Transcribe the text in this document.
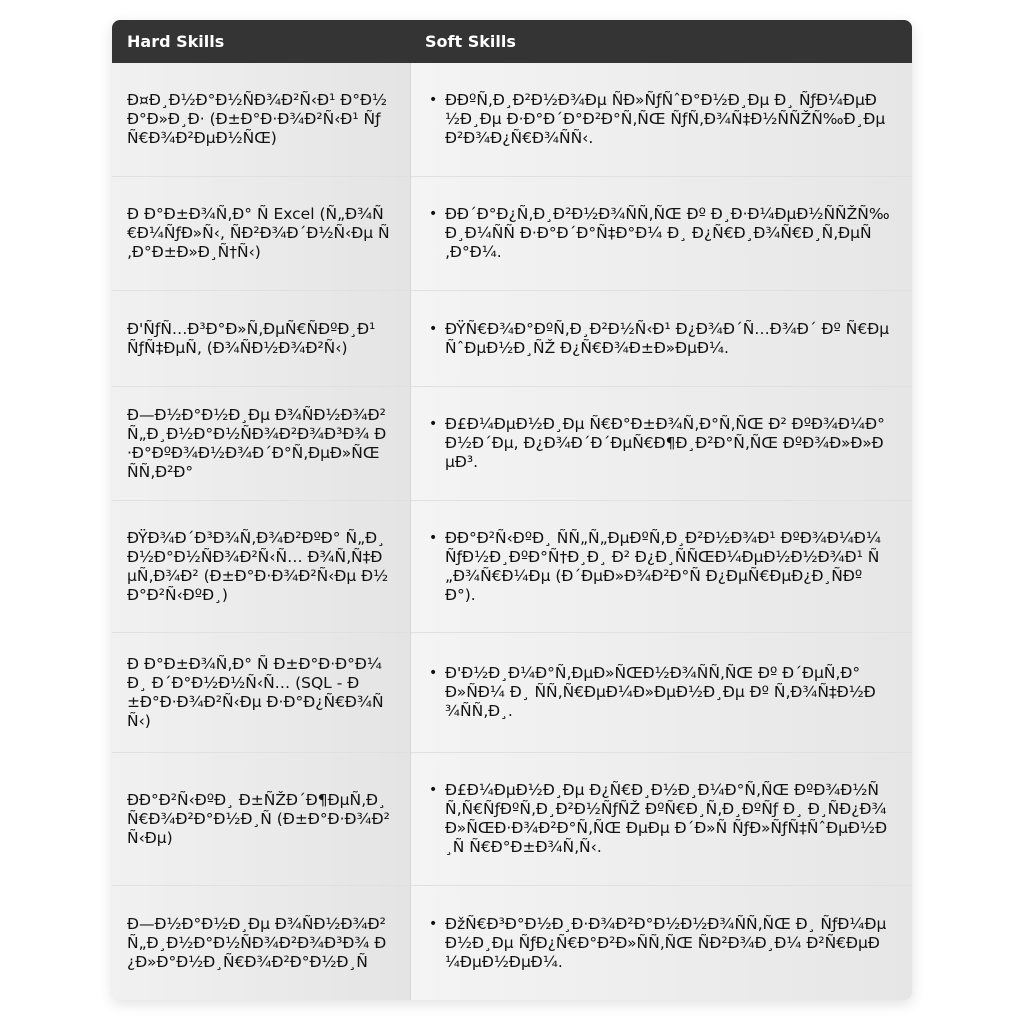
Hard Skills	Soft Skills
Ð¤Ð¸Ð½Ð°Ð½ÑÐ¾Ð²Ñ‹Ð¹ Ð°Ð½Ð°Ð»Ð¸Ð· (Ð±Ð°Ð·Ð¾Ð²Ñ‹Ð¹ ÑƒÑ€Ð¾Ð²ÐµÐ½ÑŒ)
Ð Ð°Ð±Ð¾Ñ‚Ð° Ñ Excel (Ñ„Ð¾Ñ€Ð¼ÑƒÐ»Ñ‹, ÑÐ²Ð¾Ð´Ð½Ñ‹Ðµ Ñ‚Ð°Ð±Ð»Ð¸Ñ†Ñ‹)
Ð'ÑƒÑ…Ð³Ð°Ð»Ñ‚ÐµÑ€ÑÐºÐ¸Ð¹ ÑƒÑ‡ÐµÑ‚ (Ð¾ÑÐ½Ð¾Ð²Ñ‹)
Ð—Ð½Ð°Ð½Ð¸Ðµ Ð¾ÑÐ½Ð¾Ð² Ñ„Ð¸Ð½Ð°Ð½ÑÐ¾Ð²Ð¾Ð³Ð¾ Ð·Ð°ÐºÐ¾Ð½Ð¾Ð´Ð°Ñ‚ÐµÐ»ÑŒÑÑ‚Ð²Ð°
ÐŸÐ¾Ð´Ð³Ð¾Ñ‚Ð¾Ð²ÐºÐ° Ñ„Ð¸Ð½Ð°Ð½ÑÐ¾Ð²Ñ‹Ñ… Ð¾Ñ‚Ñ‡ÐµÑ‚Ð¾Ð² (Ð±Ð°Ð·Ð¾Ð²Ñ‹Ðµ Ð½Ð°Ð²Ñ‹ÐºÐ¸)
Ð Ð°Ð±Ð¾Ñ‚Ð° Ñ Ð±Ð°Ð·Ð°Ð¼Ð¸ Ð´Ð°Ð½Ð½Ñ‹Ñ… (SQL - Ð±Ð°Ð·Ð¾Ð²Ñ‹Ðµ Ð·Ð°Ð¿Ñ€Ð¾ÑÑ‹)
ÐÐ°Ð²Ñ‹ÐºÐ¸ Ð±ÑŽÐ´Ð¶ÐµÑ‚Ð¸Ñ€Ð¾Ð²Ð°Ð½Ð¸Ñ (Ð±Ð°Ð·Ð¾Ð²Ñ‹Ðµ)
Ð—Ð½Ð°Ð½Ð¸Ðµ Ð¾ÑÐ½Ð¾Ð² Ñ„Ð¸Ð½Ð°Ð½ÑÐ¾Ð²Ð¾Ð³Ð¾ Ð¿Ð»Ð°Ð½Ð¸Ñ€Ð¾Ð²Ð°Ð½Ð¸Ñ
• ÐÐºÑ‚Ð¸Ð²Ð½Ð¾Ðµ ÑÐ»ÑƒÑˆÐ°Ð½Ð¸Ðµ Ð¸ ÑƒÐ¼ÐµÐ½Ð¸Ðµ Ð·Ð°Ð´Ð°Ð²Ð°Ñ‚ÑŒ ÑƒÑ‚Ð¾Ñ‡Ð½ÑÑŽÑ‰Ð¸Ðµ Ð²Ð¾Ð¿Ñ€Ð¾ÑÑ‹.
• ÐÐ´Ð°Ð¿Ñ‚Ð¸Ð²Ð½Ð¾ÑÑ‚ÑŒ Ðº Ð¸Ð·Ð¼ÐµÐ½ÑÑŽÑ‰Ð¸Ð¼ÑÑ Ð·Ð°Ð´Ð°Ñ‡Ð°Ð¼ Ð¸ Ð¿Ñ€Ð¸Ð¾Ñ€Ð¸Ñ‚ÐµÑ‚Ð°Ð¼.
• ÐŸÑ€Ð¾Ð°ÐºÑ‚Ð¸Ð²Ð½Ñ‹Ð¹ Ð¿Ð¾Ð´Ñ…Ð¾Ð´ Ðº Ñ€ÐµÑˆÐµÐ½Ð¸ÑŽ Ð¿Ñ€Ð¾Ð±Ð»ÐµÐ¼.
• Ð£Ð¼ÐµÐ½Ð¸Ðµ Ñ€Ð°Ð±Ð¾Ñ‚Ð°Ñ‚ÑŒ Ð² ÐºÐ¾Ð¼Ð°Ð½Ð´Ðµ, Ð¿Ð¾Ð´Ð´ÐµÑ€Ð¶Ð¸Ð²Ð°Ñ‚ÑŒ ÐºÐ¾Ð»Ð»ÐµÐ³.
• ÐÐ°Ð²Ñ‹ÐºÐ¸ ÑÑ„Ñ„ÐµÐºÑ‚Ð¸Ð²Ð½Ð¾Ð¹ ÐºÐ¾Ð¼Ð¼ÑƒÐ½Ð¸ÐºÐ°Ñ†Ð¸Ð¸ Ð² Ð¿Ð¸ÑÑŒÐ¼ÐµÐ½Ð½Ð¾Ð¹ Ñ„Ð¾Ñ€Ð¼Ðµ (Ð´ÐµÐ»Ð¾Ð²Ð°Ñ Ð¿ÐµÑ€ÐµÐ¿Ð¸ÑÐºÐ°).
• Ð'Ð½Ð¸Ð¼Ð°Ñ‚ÐµÐ»ÑŒÐ½Ð¾ÑÑ‚ÑŒ Ðº Ð´ÐµÑ‚Ð°Ð»ÑÐ¼ Ð¸ ÑÑ‚Ñ€ÐµÐ¼Ð»ÐµÐ½Ð¸Ðµ Ðº Ñ‚Ð¾Ñ‡Ð½Ð¾ÑÑ‚Ð¸.
• Ð£Ð¼ÐµÐ½Ð¸Ðµ Ð¿Ñ€Ð¸Ð½Ð¸Ð¼Ð°Ñ‚ÑŒ ÐºÐ¾Ð½ÑÑ‚Ñ€ÑƒÐºÑ‚Ð¸Ð²Ð½ÑƒÑŽ ÐºÑ€Ð¸Ñ‚Ð¸ÐºÑƒ Ð¸ Ð¸ÑÐ¿Ð¾Ð»ÑŒÐ·Ð¾Ð²Ð°Ñ‚ÑŒ ÐµÐµ Ð´Ð»Ñ ÑƒÐ»ÑƒÑ‡ÑˆÐµÐ½Ð¸Ñ Ñ€Ð°Ð±Ð¾Ñ‚Ñ‹.
• ÐžÑ€Ð³Ð°Ð½Ð¸Ð·Ð¾Ð²Ð°Ð½Ð½Ð¾ÑÑ‚ÑŒ Ð¸ ÑƒÐ¼ÐµÐ½Ð¸Ðµ ÑƒÐ¿Ñ€Ð°Ð²Ð»ÑÑ‚ÑŒ ÑÐ²Ð¾Ð¸Ð¼ Ð²Ñ€ÐµÐ¼ÐµÐ½ÐµÐ¼.
